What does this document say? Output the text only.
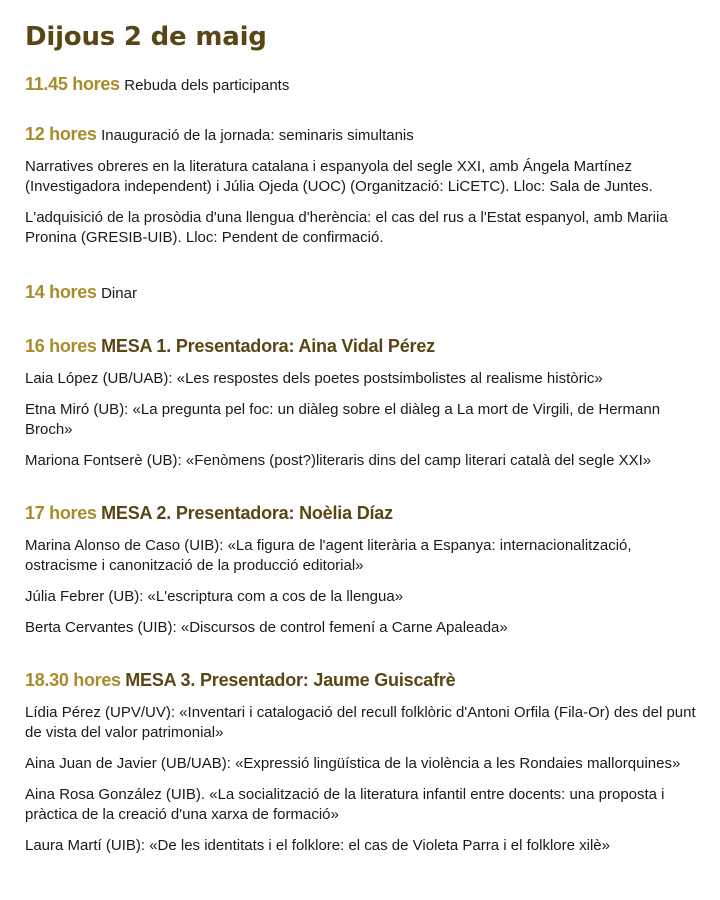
Dijous 2 de maig
11.45 hores Rebuda dels participants
12 hores Inauguració de la jornada: seminaris simultanis

Narratives obreres en la literatura catalana i espanyola del segle XXI, amb Ángela Martínez (Investigadora independent) i Júlia Ojeda (UOC) (Organització: LiCETC). Lloc: Sala de Juntes.

L'adquisició de la prosòdia d'una llengua d'herència: el cas del rus a l'Estat espanyol, amb Mariia Pronina (GRESIB-UIB). Lloc: Pendent de confirmació.

14 hores Dinar
16 hores MESA 1. Presentadora: Aina Vidal Pérez

Laia López (UB/UAB): «Les respostes dels poetes postsimbolistes al realisme històric»

Etna Miró (UB): «La pregunta pel foc: un diàleg sobre el diàleg a La mort de Virgili, de Hermann Broch»

Mariona Fontserè (UB): «Fenòmens (post?)literaris dins del camp literari català del segle XXI»

17 hores MESA 2. Presentadora: Noèlia Díaz

Marina Alonso de Caso (UIB): «La figura de l'agent literària a Espanya: internacionalització, ostracisme i canonització de la producció editorial»

Júlia Febrer (UB): «L'escriptura com a cos de la llengua»

Berta Cervantes (UIB): «Discursos de control femení a Carne Apaleada»

18.30 hores MESA 3. Presentador: Jaume Guiscafrè

Lídia Pérez (UPV/UV): «Inventari i catalogació del recull folklòric d'Antoni Orfila (Fila-Or) des del punt de vista del valor patrimonial»

Aina Juan de Javier (UB/UAB): «Expressió lingüística de la violència a les Rondaies mallorquines»

Aina Rosa González (UIB). «La socialització de la literatura infantil entre docents: una proposta i pràctica de la creació d'una xarxa de formació»

Laura Martí (UIB): «De les identitats i el folklore: el cas de Violeta Parra i el folklore xilè»
